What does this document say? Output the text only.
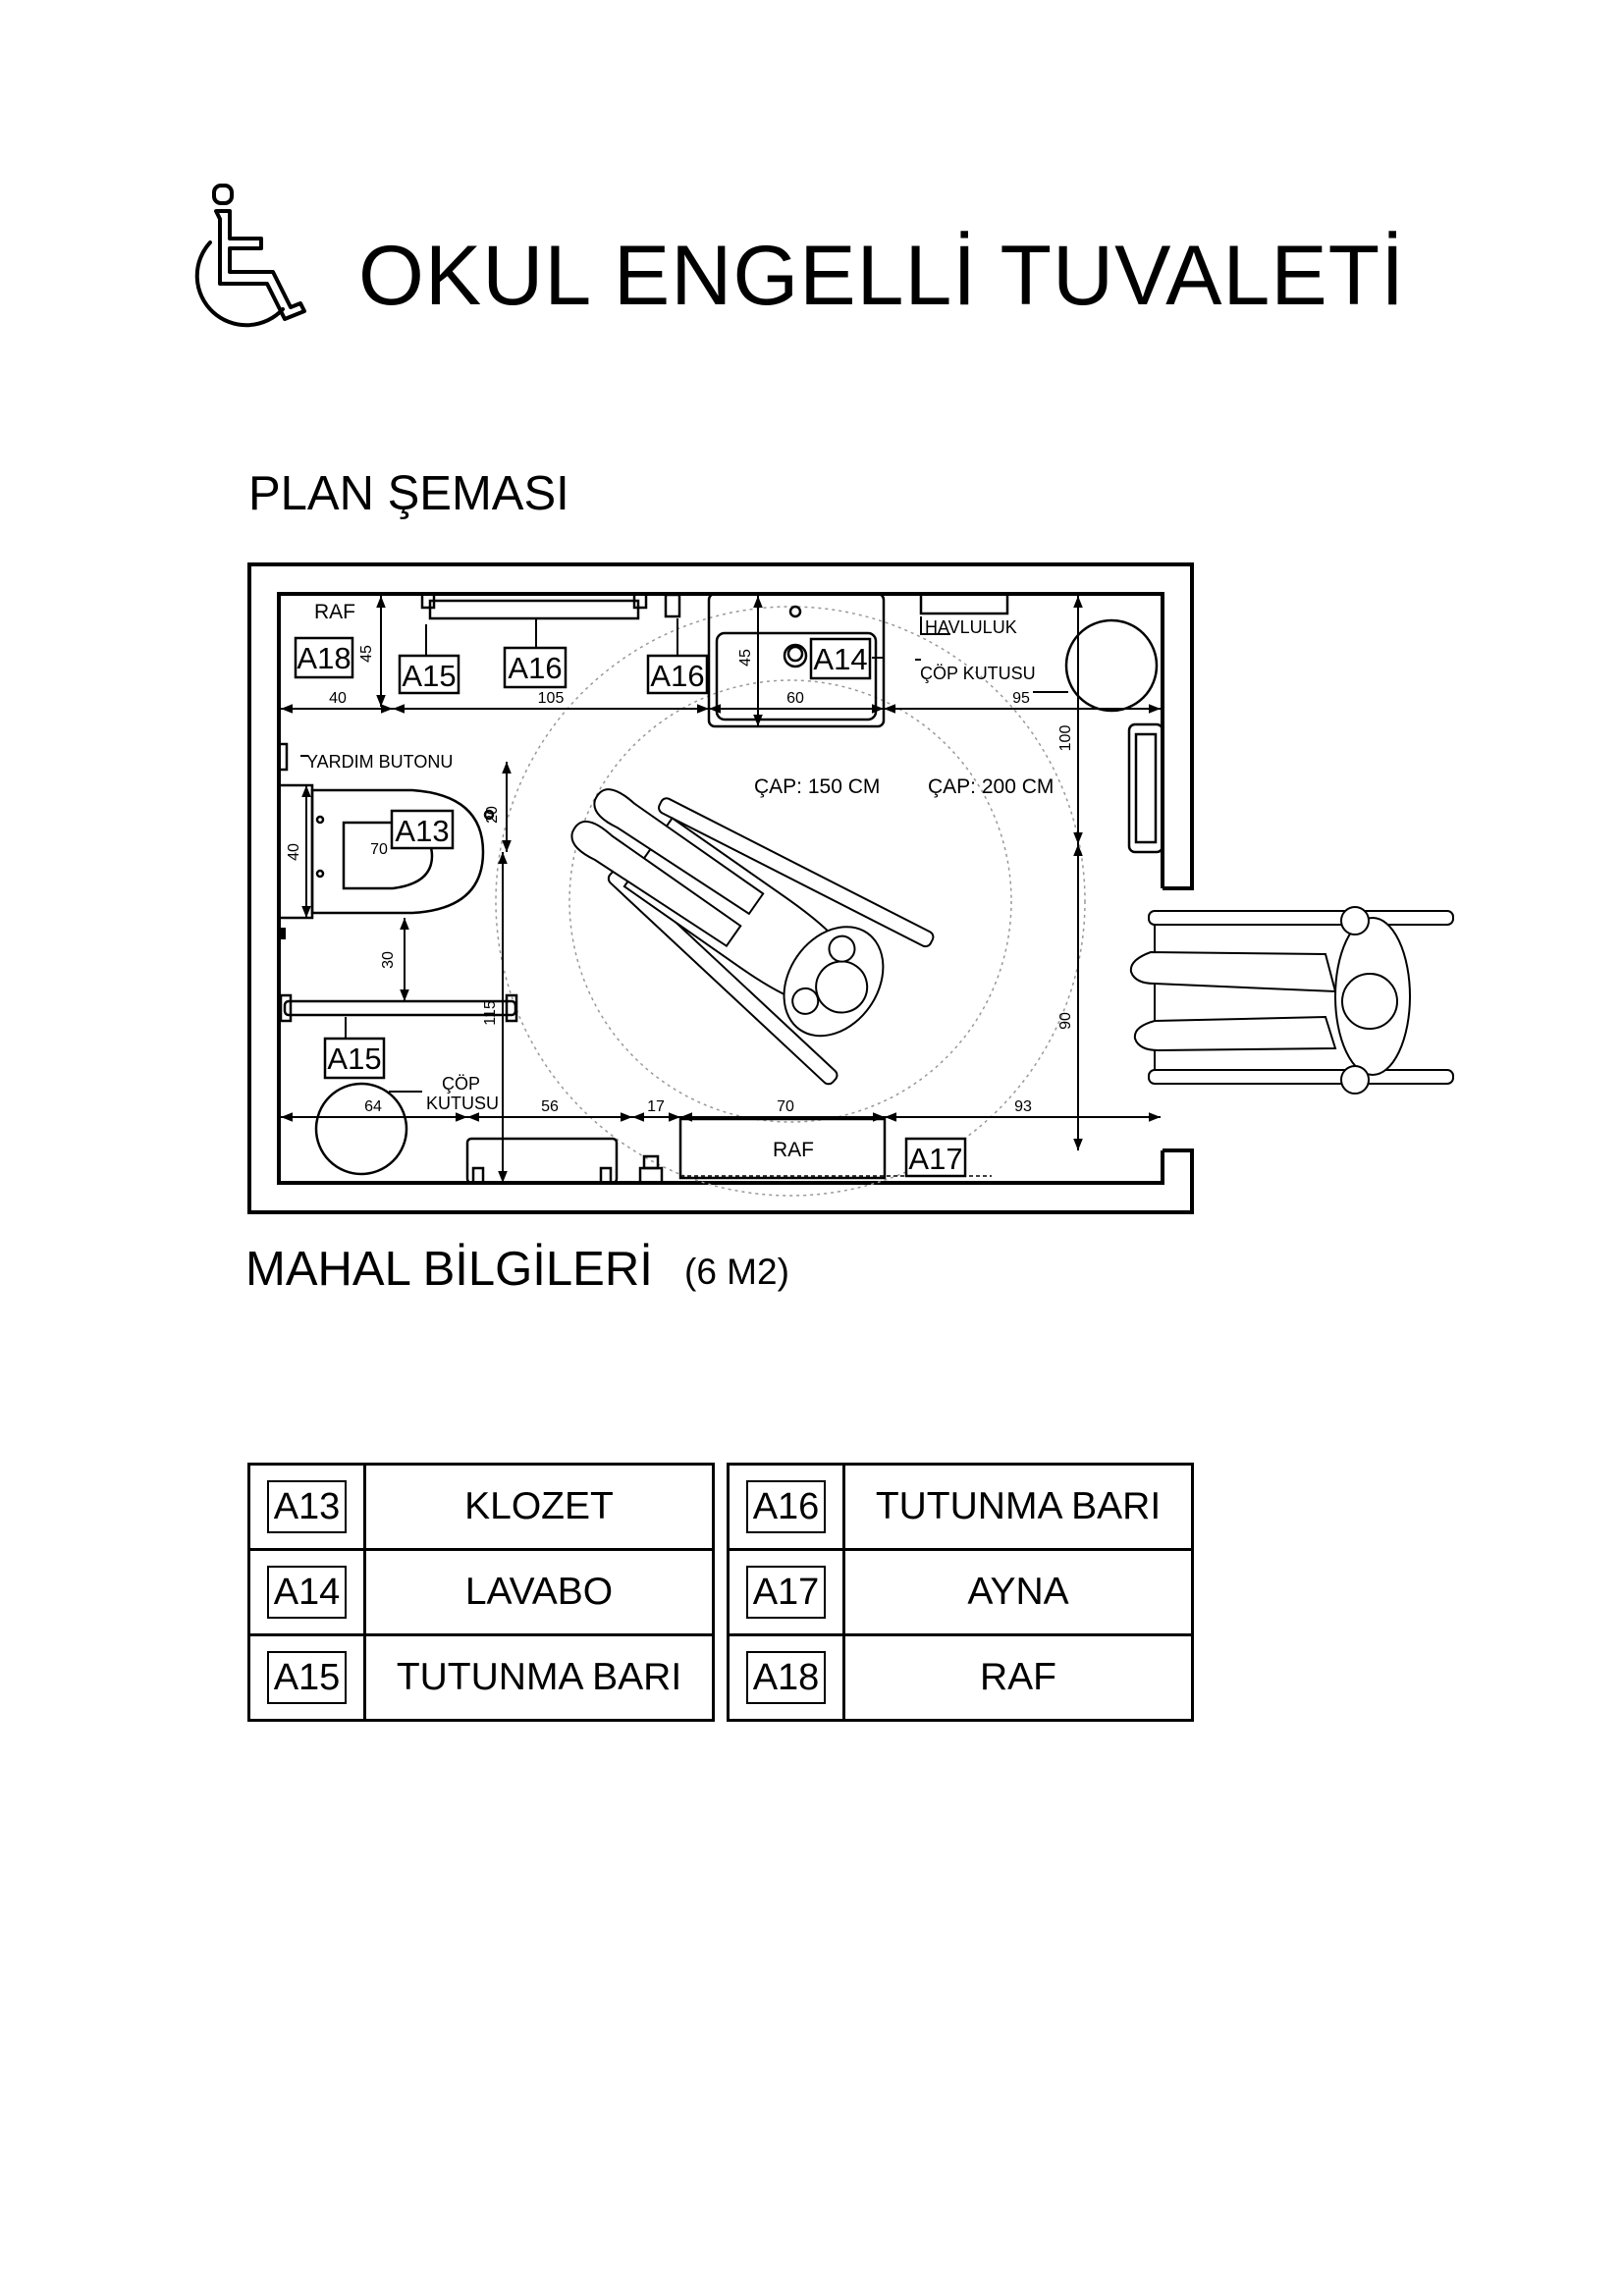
OKUL ENGELLİ TUVALETİ
PLAN ŞEMASI
A18
A15 A16	A16	A14
A13
A15
A17
RAF
HAVLULUK
ÇÖP KUTUSU
YARDIM BUTONU
ÇAP: 150 CM ÇAP: 200 CM
ÇÖP
KUTUSU
RAF
40	105	60	95
64	56	17	70	93
70
45	45
100
20
40
30
115	90
MAHAL BİLGİLERİ (6 M2)
A13	KLOZET
A14	LAVABO
A15	TUTUNMA BARI
A16	TUTUNMA BARI
A17	AYNA
A18	RAF
